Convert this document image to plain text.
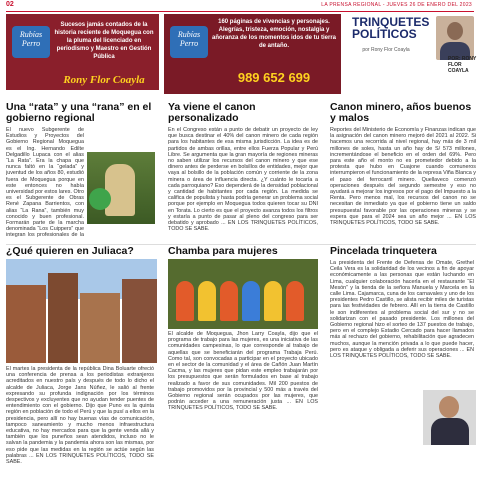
02	LA PRENSA REGIONAL - JUEVES 26 DE ENERO DEL 2023
Rubías Perro
Sucesos jamás contados de la historia reciente de Moquegua con la pluma del licenciado en periodismo y Maestro en Gestión Pública
Rony Flor Coayla
Rubías Perro
160 páginas de vivencias y personajes. Alegrías, tristeza, emoción, nostalgia y añoranza de los momentos idos de tu tierra de antaño.
989 652 699
TRINQUETES POLÍTICOS
por Rony Flor Coayla
POR: RONY FLOR COAYLA
Una “rata” y una “rana” en el gobierno regional
El nuevo Subgerente de Estudios y Proyectos del Gobierno Regional Moquegua es el Ing. Hernando Edilte Delgadillo Lupaca con el alias “La Rata”. Era la chapa que nunca faltó en la “gelada” y juventud de los años 80, estudió fuera de Moquegua porque en este entonces no había universidad por estos lares. Otro es el Subgerente de Obras René Zapana Barrientos, con alias “La Rana”, también muy conocido y buen profesional. Formarán parte de la marcha denominada “Los Cuippers” que integran los profesionales de la
Ya viene el canon personalizado
En el Congreso están a punto de debatir un proyecto de ley que busca destinar el 40% del canon minero de cada región para los habitantes de esa misma jurisdicción. La idea es de partidos de ambas orillas, entre ellos Fuerza Popular y Perú Libre. Se argumenta que la gran mayoría de regiones mineras no saben utilizar los recursos del canon minero y que ese dinero antes de perderse en bolsillos de entidades, mejor que vaya al bolsillo de la población común y corriente de la zona minera o área de influencia directa. ¿Y cuánto le tocaría a cada parroquiano? Eso dependerá de la densidad poblacional y cantidad de habitantes por cada región. La medida se califica de populista y hasta podría generar un problema social porque por ejemplo en Moquegua todos quieren tocar su DNI en Torata. Lo cierto es que el proyecto avanza todos los filtros y estaría a punto de pasar al pleno del congreso para ser debatido y aprobado ... EN LOS TRINQUETES POLÍTICOS, TODO SE SABE.
Canon minero, años buenos y malos
Reportes del Ministerio de Economía y Finanzas indican que la asignación del canon minero mejoró del 2021 al 2022. Si hacemos una recorrida al nivel regional, hay más de 3 mil millones de soles, hasta un año hay de S/ 573 millones, incrementándose el beneficio en el orden del 69%. Pero para este año el monto no es prometedor debido a la protesta que hubo en Cuajone cuando comuneros interrumpieron el funcionamiento de la represa Viña Blanca y el paso del ferrocarril minero. Quellaveco comenzó operaciones después del segundo semestre y eso no ayudará a mejorar los ingresos por el pago del Impuesto a la Renta. Pero menos mal, los recursos del canon no se necesitan de inmediato ya que el gobierno tiene un saldo presupuestal favorable por las operaciones mineras y se espera que para el 2024 sea un año mejor ... EN LOS TRINQUETES POLÍTICOS, TODO SE SABE.
¿Qué quieren en Juliaca?
El martes la presidenta de la república Dina Boluarte ofreció una conferencia de prensa a los periodistas extranjeros acreditados en nuestro país y después de todo lo dicho el alcalde de Juliaca, Jorge Jans Núñez, le salió al frente expresando su profunda indignación por los términos despectivos y excluyentes que no ayudan tender puentes de entendimiento con el gobierno. Dijo que Puno es la quinta región en población de todo el Perú y que la pusí a ellos en la presidencia, pero allí no hay buenas vías de comunicación, tampoco saneamiento y mucho menos infraestructura educativa, no hay mercados para que la gente venda allá y también que los puneños sean atendidos, incluso no le salvan la pandemia y la pandemia ahora son las mismas, por eso pide que las medidas en la región se actúe según las palabras ... EN LOS TRINQUETES POLÍTICOS, TODO SE SABE.
Chamba para mujeres
El alcalde de Moquegua, Jhon Larry Coayla, dijo que el programa de trabajo para las mujeres, es una iniciativa de las comunidades campesinas, lo que corresponde al trabajo de aquellas que se beneficiarán del programa Trabaja Perú. Como tal, son convocadas a participar en el proyecto ubicado en el sector de la comunidad y el área de Cañón Juan Martín Cacma, y las mujeres que pidan este empleo trabajarán por los presupuestos que serán formulados en base al trabajo realizado a favor de sus comunidades. Mil 200 puestos de trabajo promovidos por la provincial y 500 más a través del Gobierno regional serán ocupados por las mujeres, que podrán acceder a una remuneración justa ... EN LOS TRINQUETES POLÍTICOS, TODO SE SABE.
Pincelada trinquetera
La presidenta del Frente de Defensa de Omate, Grethel Ceila Vera es la solidaridad de los vecinos a fin de apoyar económicamente a las personas que están luchando en Lima, cualquier colaboración hacerla en el restaurante “El Mesón” y la tienda de la señora Manuela y Marcela en la calle Lima. Cajamarca, cuna de los carnavales y uno de los presidentes Pedro Castillo, se alista recibir miles de turistas para las festividades de febrero. Allí en la tierra de Castillo le son indiferentes al problema social del sur y no se solidarizan con el pasado presidente. Los millones del Gobierno regional hizo el sorteo de 137 puestos de trabajo, pero en el complejo Estadio Cercado para hacer llamados más al rechazo del gobierno, rehabilitación que agradecen muchos, aunque la mención privada a lo que puede hacer, pero es ataque y obligada a deferir sus operaciones ... EN LOS TRINQUETES POLÍTICOS, TODO SE SABE.
